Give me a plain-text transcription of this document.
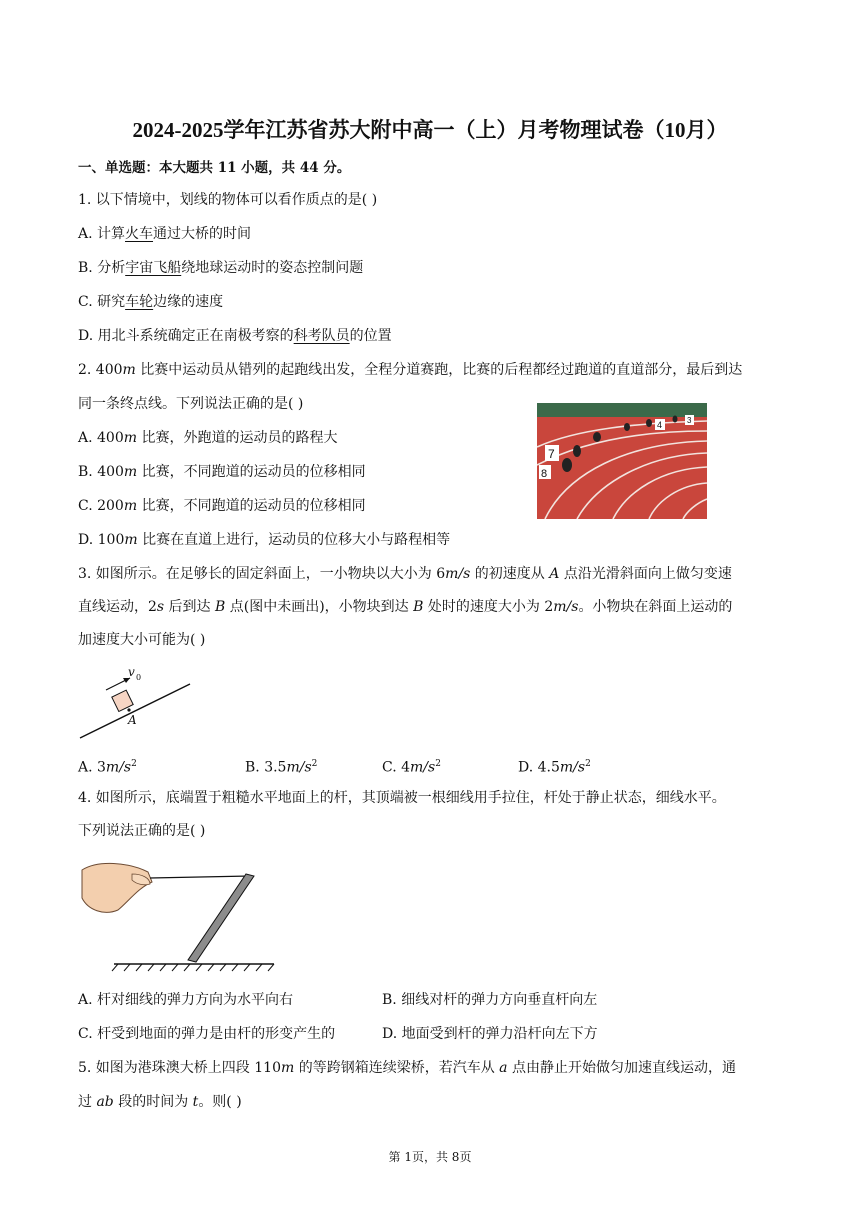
2024-2025学年江苏省苏大附中高一（上）月考物理试卷（10月）
一、单选题：本大题共 11 小题，共 44 分。
1. 以下情境中，划线的物体可以看作质点的是( )
A. 计算火车通过大桥的时间
B. 分析宇宙飞船绕地球运动时的姿态控制问题
C. 研究车轮边缘的速度
D. 用北斗系统确定正在南极考察的科考队员的位置
2. 400m 比赛中运动员从错列的起跑线出发，全程分道赛跑，比赛的后程都经过跑道的直道部分，最后到达
同一条终点线。下列说法正确的是( )
A. 400m 比赛，外跑道的运动员的路程大
B. 400m 比赛，不同跑道的运动员的位移相同
C. 200m 比赛，不同跑道的运动员的位移相同
D. 100m 比赛在直道上进行，运动员的位移大小与路程相等
7
8
4	3
3. 如图所示。在足够长的固定斜面上，一小物块以大小为 6m/s 的初速度从 A 点沿光滑斜面向上做匀变速
直线运动，2s 后到达 B 点(图中未画出)，小物块到达 B 处时的速度大小为 2m/s。小物块在斜面上运动的
加速度大小可能为( )
v 0
A
A. $3m/s^2$	B. $3.5m/s^2$	C. $4m/s^2$	D. $4.5m/s^2$
4. 如图所示，底端置于粗糙水平地面上的杆，其顶端被一根细线用手拉住，杆处于静止状态，细线水平。
下列说法正确的是( )
A. 杆对细线的弹力方向为水平向右	B. 细线对杆的弹力方向垂直杆向左
C. 杆受到地面的弹力是由杆的形变产生的	D. 地面受到杆的弹力沿杆向左下方
5. 如图为港珠澳大桥上四段 110m 的等跨钢箱连续梁桥，若汽车从 a 点由静止开始做匀加速直线运动，通
过 ab 段的时间为 t。则( )
第 1页，共 8页
